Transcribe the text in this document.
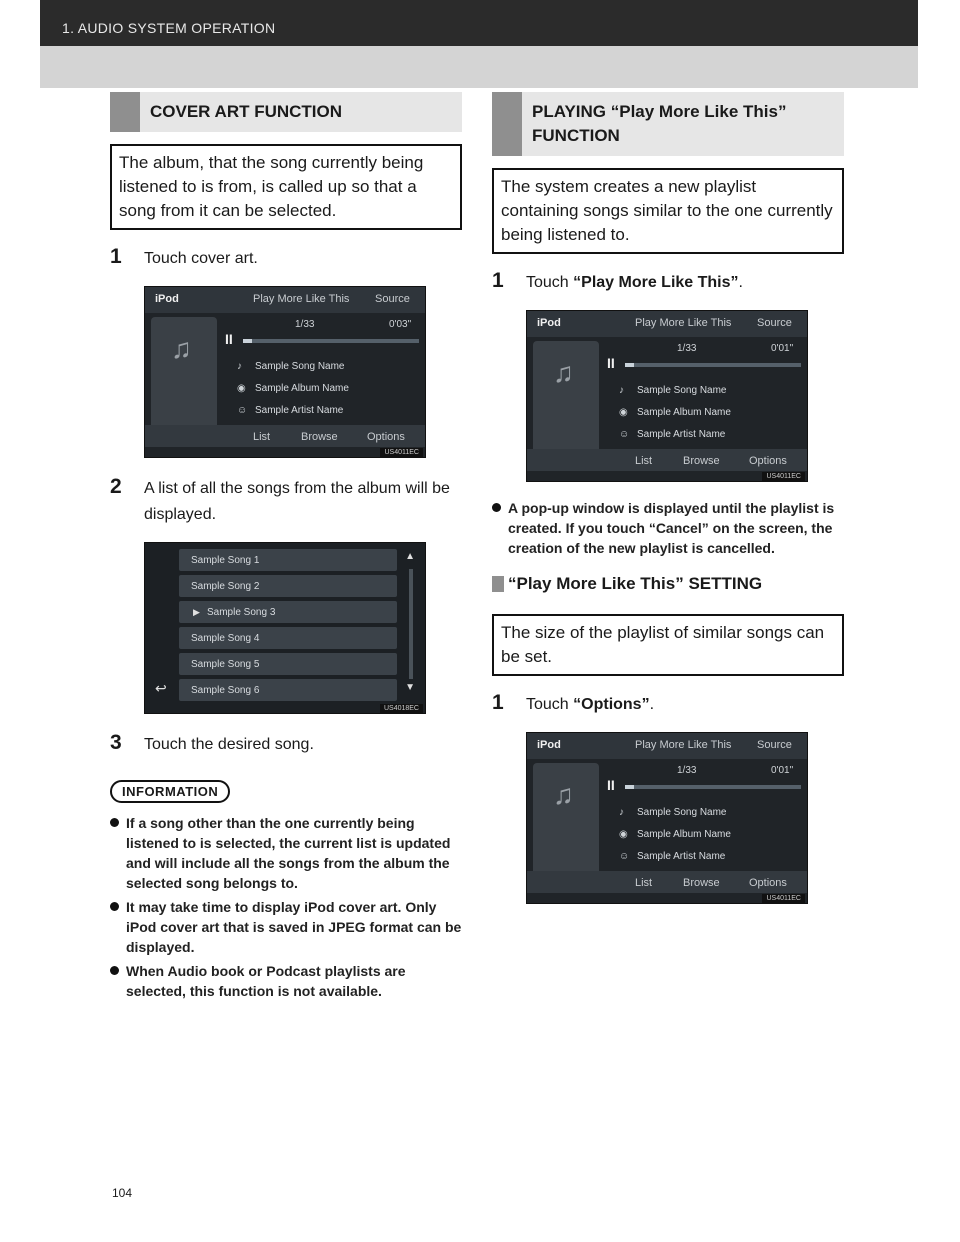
1. AUDIO SYSTEM OPERATION
COVER ART FUNCTION
The album, that the song currently being listened to is from, is called up so that a song from it can be selected.
1	Touch cover art.
iPod	Play More Like This Source
♫ II
1/33	0'03"
♪ Sample Song Name
◉ Sample Album Name
☺ Sample Artist Name
List	Browse	Options
US4011EC
2	A list of all the songs from the album will be displayed.
▲
Sample Song 1
Sample Song 2
Sample Song 3
▶
Sample Song 4
Sample Song 5
Sample Song 6	▼
↩
US4018EC
3	Touch the desired song.
INFORMATION
If a song other than the one currently being listened to is selected, the current list is updated and will include all the songs from the album the selected song belongs to.
It may take time to display iPod cover art. Only iPod cover art that is saved in JPEG format can be displayed.
When Audio book or Podcast playlists are selected, this function is not available.
PLAYING “Play More Like This” FUNCTION
The system creates a new playlist containing songs similar to the one currently being listened to.
1	Touch “Play More Like This”.
iPod	Play More Like This Source
♫ II
1/33	0'01"
♪ Sample Song Name
◉ Sample Album Name
☺ Sample Artist Name
List	Browse	Options
US4011EC
A pop-up window is displayed until the playlist is created. If you touch “Cancel” on the screen, the creation of the new playlist is cancelled.
“Play More Like This” SETTING
The size of the playlist of similar songs can be set.
1	Touch “Options”.
iPod	Play More Like This Source
♫ II
1/33	0'01"
♪ Sample Song Name
◉ Sample Album Name
☺ Sample Artist Name
List	Browse	Options
US4011EC
104
